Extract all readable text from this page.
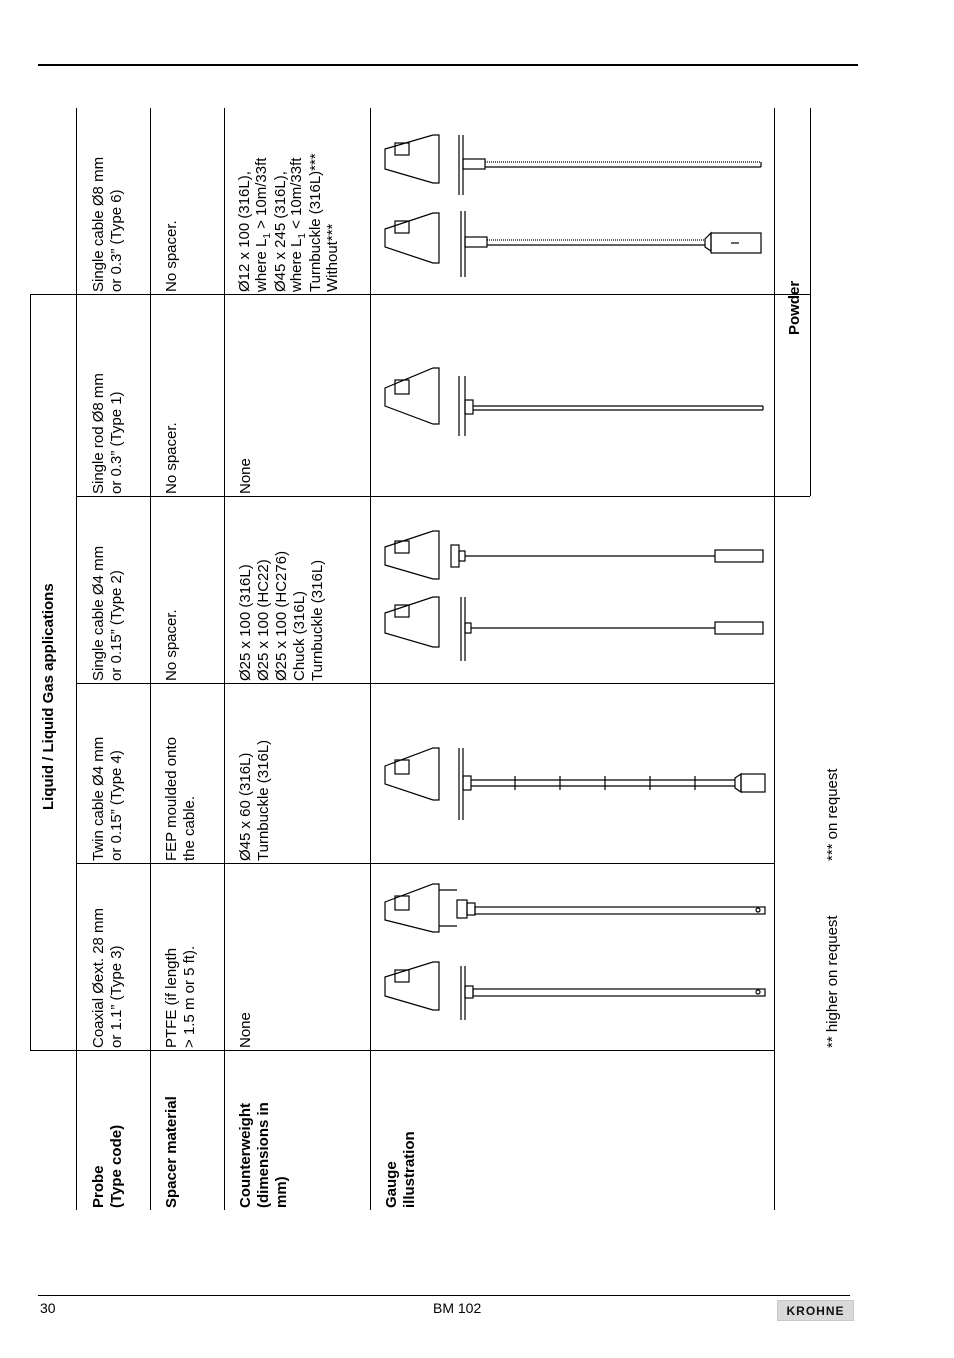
Liquid / Liquid Gas applications
Powder
Probe (Type code)	Spacer material	Counterweight (dimensions in mm)	Gauge illustration
Coaxial Øext. 28 mm or 1.1” (Type 3)	PTFE (if length > 1.5 m or 5 ft).	None
Twin cable Ø4 mm or 0.15” (Type 4)	FEP moulded onto the cable.	Ø45 x 60 (316L) Turnbuckle (316L)
Single cable Ø4 mm or 0.15” (Type 2)	No spacer.	Ø25 x 100 (316L) Ø25 x 100 (HC22) Ø25 x 100 (HC276) Chuck (316L) Turnbuckle (316L)
Single rod Ø8 mm or 0.3” (Type 1)	No spacer.	None
Single cable Ø8 mm or 0.3” (Type 6)	No spacer.	Ø12 x 100 (316L), where $L_1 > 10m/33ft$ Ø45 x 245 (316L), where $L_1 < 10m/33ft$ Turnbuckle (316L)*** Without***
** higher on request
*** on request
30	BM 102	KROHNE
